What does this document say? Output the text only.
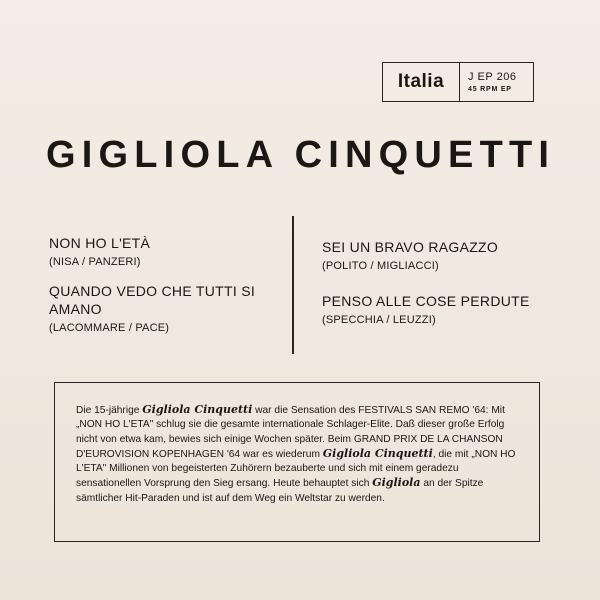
Italia	J EP 206
45 RPM EP
GIGLIOLA CINQUETTI
NON HO L'ETÀ
(NISA / PANZERI)
QUANDO VEDO CHE TUTTI SI AMANO
(LACOMMARE / PACE)
SEI UN BRAVO RAGAZZO
(POLITO / MIGLIACCI)
PENSO ALLE COSE PERDUTE
(SPECCHIA / LEUZZI)
Die 15-jährige Gigliola Cinquetti war die Sensation des FESTIVALS SAN REMO '64: Mit „NON HO L'ETA" schlug sie die gesamte internationale Schlager-Elite. Daß dieser große Erfolg nicht von etwa kam, bewies sich einige Wochen später. Beim GRAND PRIX DE LA CHANSON D'EUROVISION KOPENHAGEN '64 war es wiederum Gigliola Cinquetti, die mit „NON HO L'ETA" Millionen von begeisterten Zuhörern bezauberte und sich mit einem geradezu sensationellen Vorsprung den Sieg ersang. Heute behauptet sich Gigliola an der Spitze sämtlicher Hit-Paraden und ist auf dem Weg ein Weltstar zu werden.
